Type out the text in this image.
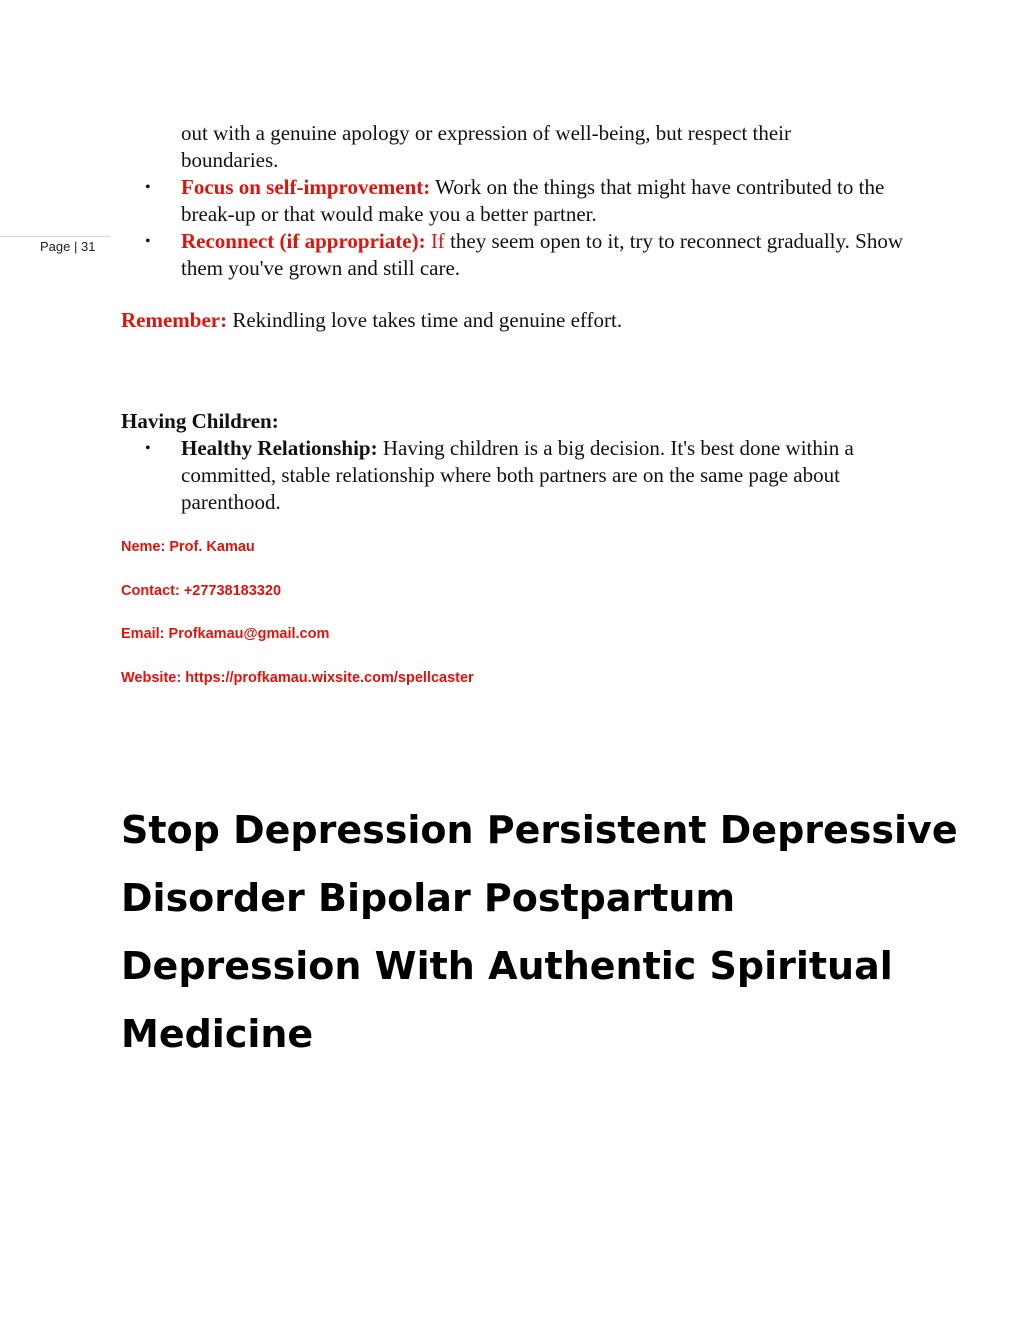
Page | 31
out with a genuine apology or expression of well-being, but respect their
boundaries.
• Focus on self-improvement: Work on the things that might have contributed to the break-up or that would make you a better partner.
• Reconnect (if appropriate): If they seem open to it, try to reconnect gradually. Show them you've grown and still care.
Remember: Rekindling love takes time and genuine effort.
Having Children:
• Healthy Relationship: Having children is a big decision. It's best done within a committed, stable relationship where both partners are on the same page about parenthood.
Neme: Prof. Kamau
Contact: +27738183320
Email: Profkamau@gmail.com
Website: https://profkamau.wixsite.com/spellcaster
Stop Depression Persistent Depressive Disorder Bipolar Postpartum Depression With Authentic Spiritual Medicine
